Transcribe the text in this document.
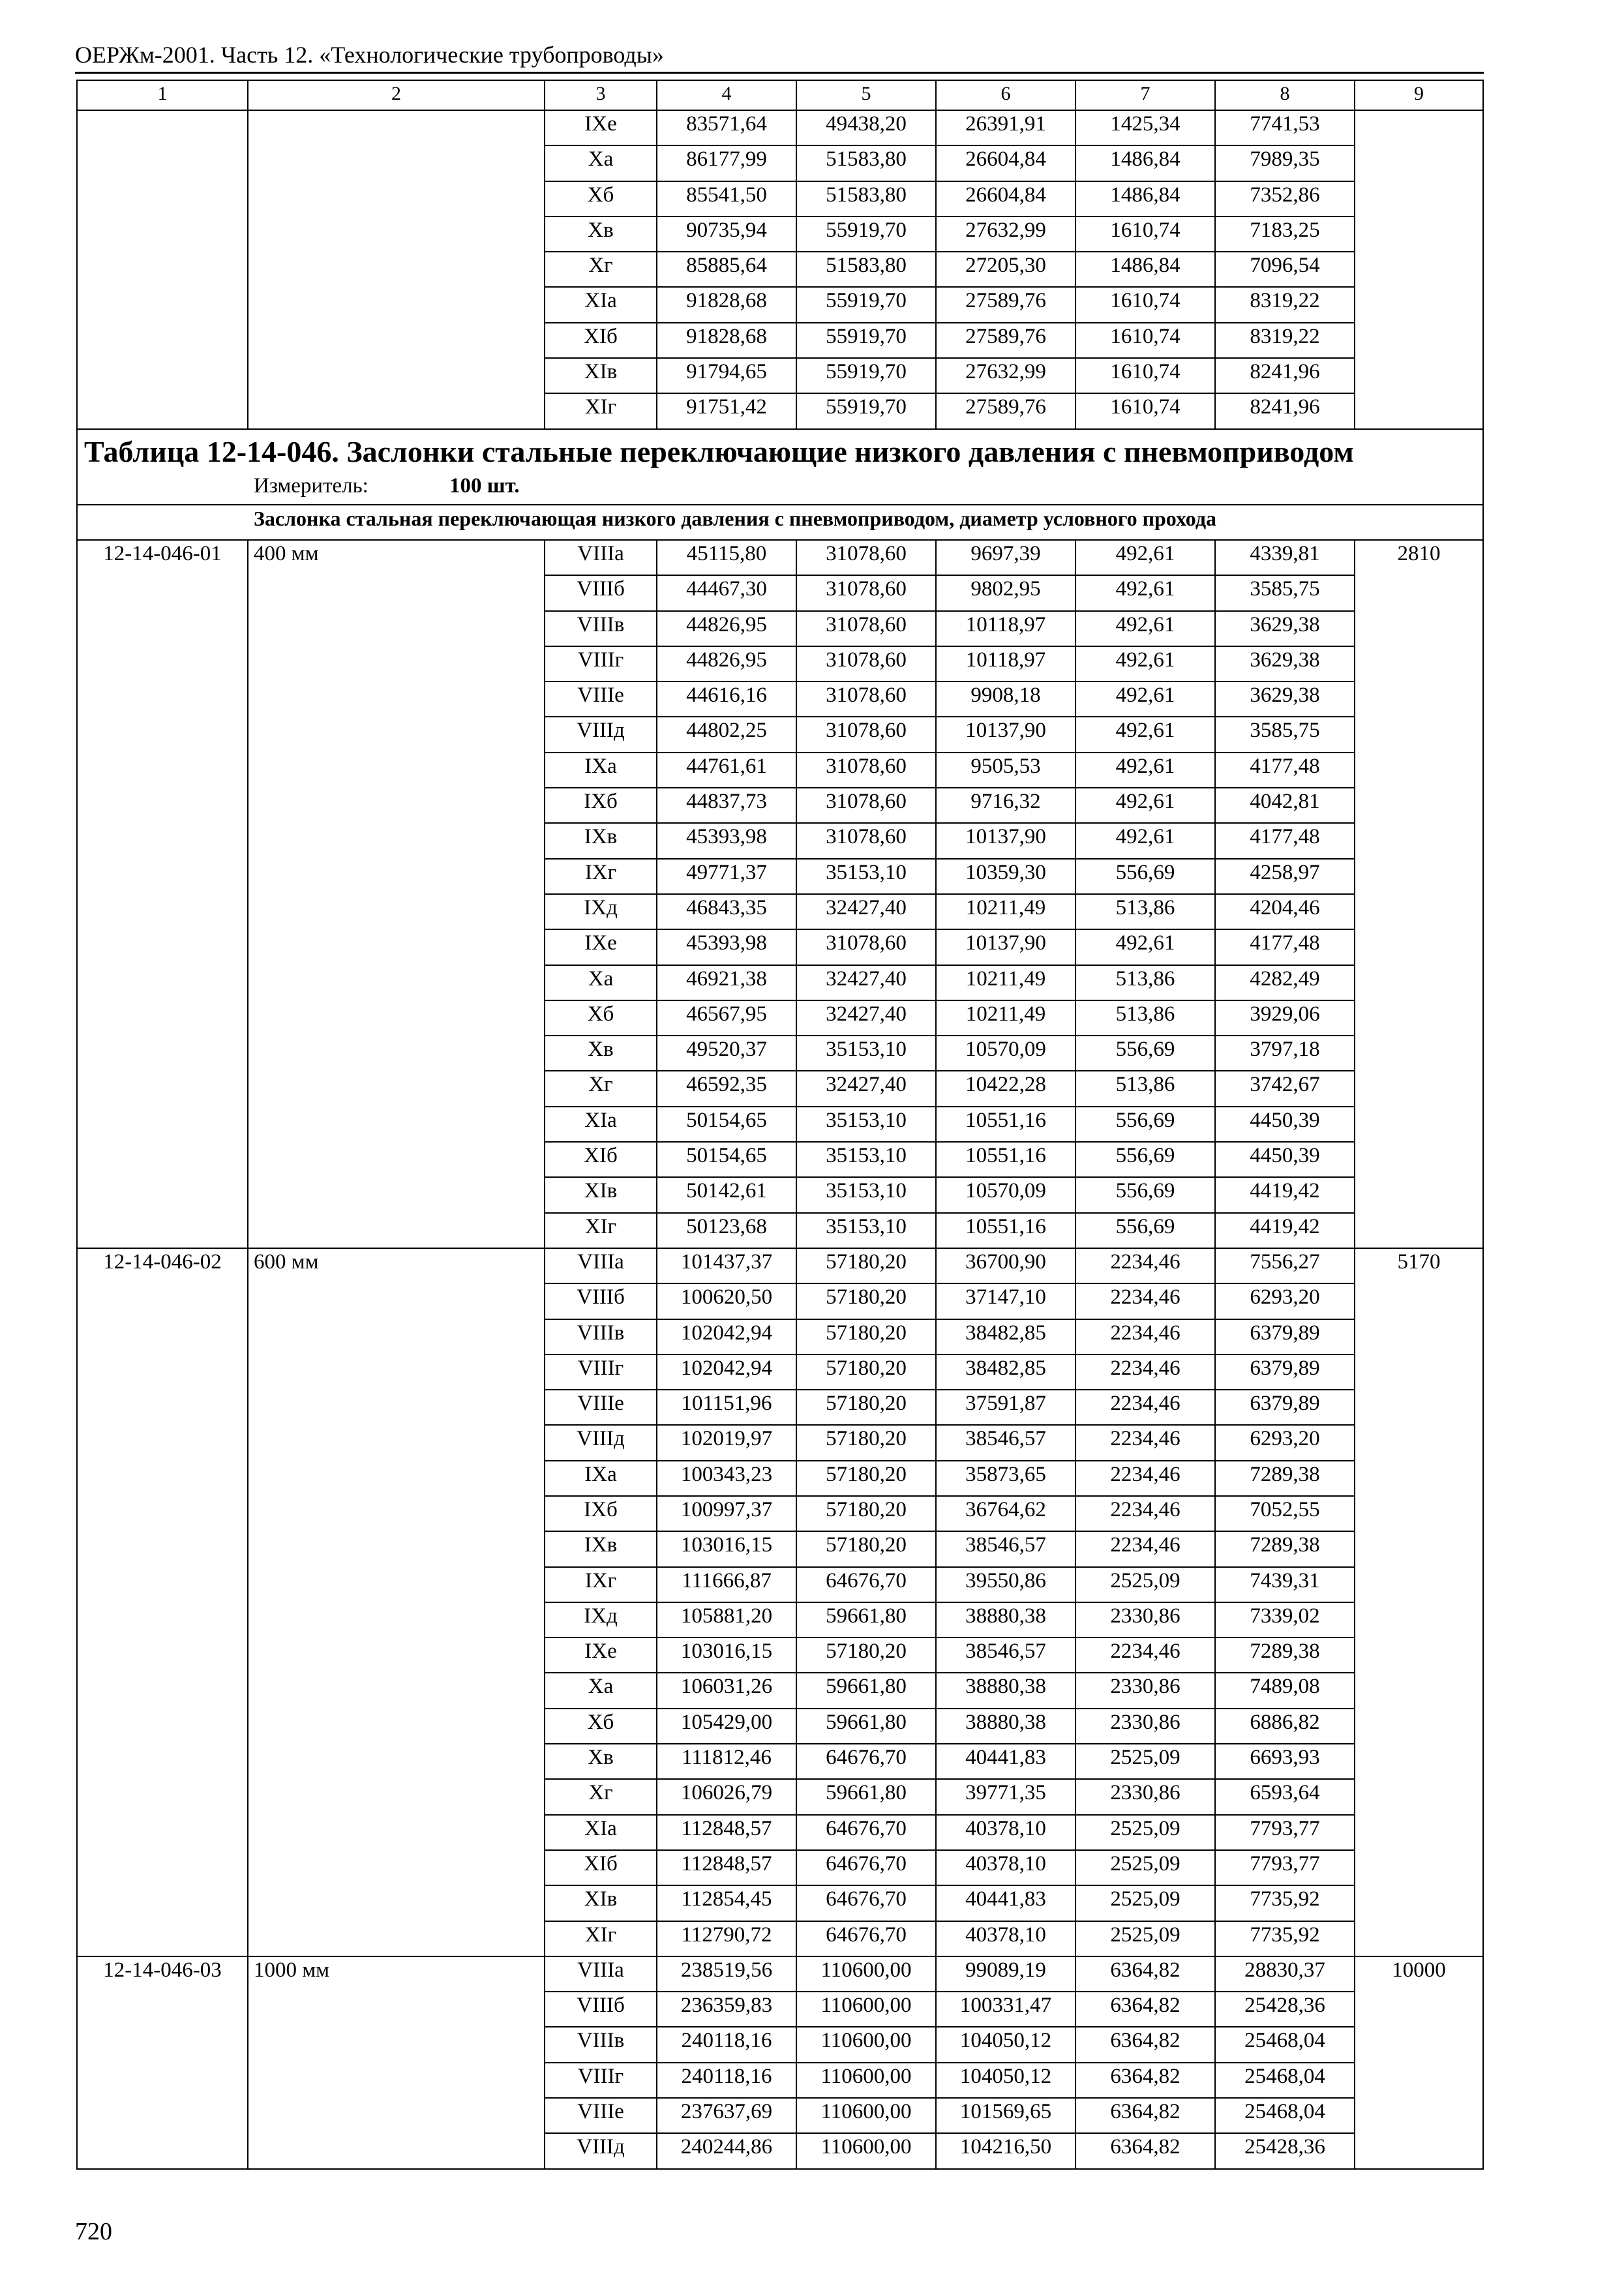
ОЕРЖм-2001. Часть 12. «Технологические трубопроводы»
1	2	3	4	5	6	7	8	9
		IXe	83571,64	49438,20	26391,91	1425,34	7741,53	
		Xa	86177,99	51583,80	26604,84	1486,84	7989,35	
		Xб	85541,50	51583,80	26604,84	1486,84	7352,86	
		Xв	90735,94	55919,70	27632,99	1610,74	7183,25	
		Xг	85885,64	51583,80	27205,30	1486,84	7096,54	
		XIa	91828,68	55919,70	27589,76	1610,74	8319,22	
		XIб	91828,68	55919,70	27589,76	1610,74	8319,22	
		XIв	91794,65	55919,70	27632,99	1610,74	8241,96	
		XIг	91751,42	55919,70	27589,76	1610,74	8241,96	

Таблица 12-14-046. Заслонки стальные переключающие низкого давления с пневмоприводом
Измеритель: 100 шт.								

Заслонка стальная переключающая низкого давления с пневмоприводом, диаметр условного прохода								
12-14-046-01	400 мм	VIIIa	45115,80	31078,60	9697,39	492,61	4339,81	2810
		VIIIб	44467,30	31078,60	9802,95	492,61	3585,75	
		VIIIв	44826,95	31078,60	10118,97	492,61	3629,38	
		VIIIг	44826,95	31078,60	10118,97	492,61	3629,38	
		VIIIe	44616,16	31078,60	9908,18	492,61	3629,38	
		VIIIд	44802,25	31078,60	10137,90	492,61	3585,75	
		IXa	44761,61	31078,60	9505,53	492,61	4177,48	
		IXб	44837,73	31078,60	9716,32	492,61	4042,81	
		IXв	45393,98	31078,60	10137,90	492,61	4177,48	
		IXг	49771,37	35153,10	10359,30	556,69	4258,97	
		IXд	46843,35	32427,40	10211,49	513,86	4204,46	
		IXe	45393,98	31078,60	10137,90	492,61	4177,48	
		Xa	46921,38	32427,40	10211,49	513,86	4282,49	
		Xб	46567,95	32427,40	10211,49	513,86	3929,06	
		Xв	49520,37	35153,10	10570,09	556,69	3797,18	
		Xг	46592,35	32427,40	10422,28	513,86	3742,67	
		XIa	50154,65	35153,10	10551,16	556,69	4450,39	
		XIб	50154,65	35153,10	10551,16	556,69	4450,39	
		XIв	50142,61	35153,10	10570,09	556,69	4419,42	
		XIг	50123,68	35153,10	10551,16	556,69	4419,42	
12-14-046-02	600 мм	VIIIa	101437,37	57180,20	36700,90	2234,46	7556,27	5170
		VIIIб	100620,50	57180,20	37147,10	2234,46	6293,20	
		VIIIв	102042,94	57180,20	38482,85	2234,46	6379,89	
		VIIIг	102042,94	57180,20	38482,85	2234,46	6379,89	
		VIIIe	101151,96	57180,20	37591,87	2234,46	6379,89	
		VIIIд	102019,97	57180,20	38546,57	2234,46	6293,20	
		IXa	100343,23	57180,20	35873,65	2234,46	7289,38	
		IXб	100997,37	57180,20	36764,62	2234,46	7052,55	
		IXв	103016,15	57180,20	38546,57	2234,46	7289,38	
		IXг	111666,87	64676,70	39550,86	2525,09	7439,31	
		IXд	105881,20	59661,80	38880,38	2330,86	7339,02	
		IXe	103016,15	57180,20	38546,57	2234,46	7289,38	
		Xa	106031,26	59661,80	38880,38	2330,86	7489,08	
		Xб	105429,00	59661,80	38880,38	2330,86	6886,82	
		Xв	111812,46	64676,70	40441,83	2525,09	6693,93	
		Xг	106026,79	59661,80	39771,35	2330,86	6593,64	
		XIa	112848,57	64676,70	40378,10	2525,09	7793,77	
		XIб	112848,57	64676,70	40378,10	2525,09	7793,77	
		XIв	112854,45	64676,70	40441,83	2525,09	7735,92	
		XIг	112790,72	64676,70	40378,10	2525,09	7735,92	
12-14-046-03	1000 мм	VIIIa	238519,56	110600,00	99089,19	6364,82	28830,37	10000
		VIIIб	236359,83	110600,00	100331,47	6364,82	25428,36	
		VIIIв	240118,16	110600,00	104050,12	6364,82	25468,04	
		VIIIг	240118,16	110600,00	104050,12	6364,82	25468,04	
		VIIIe	237637,69	110600,00	101569,65	6364,82	25468,04	
		VIIIд	240244,86	110600,00	104216,50	6364,82	25428,36	
720
